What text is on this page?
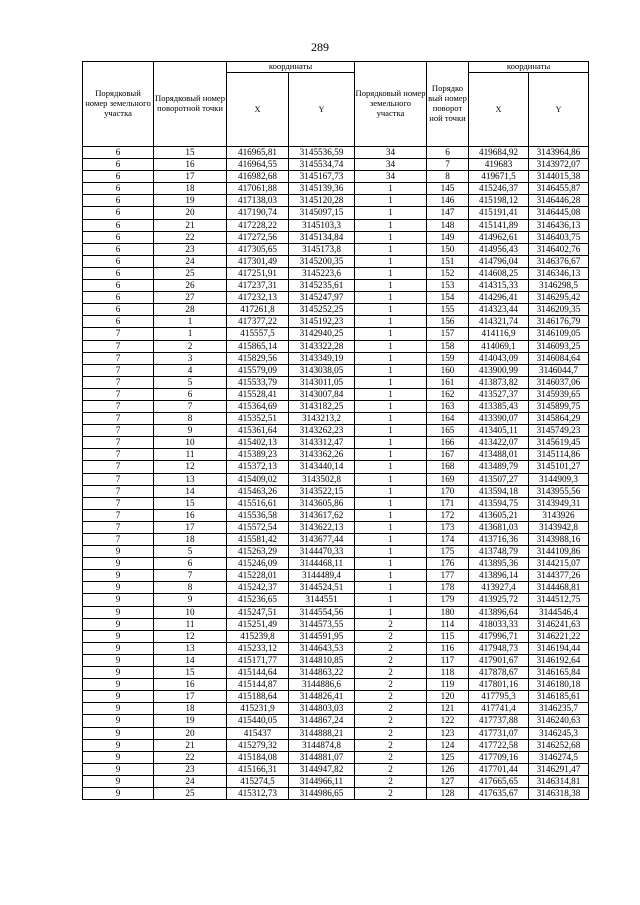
289
Порядковый номер земельного участка	Порядковый номер поворотной точки	координаты		Порядковый номер земельного участка	Порядко вый номер поворот ной точки	координаты	
		X	Y			X	Y
6	15	416965,81	3145536,59	34	6	419684,92	3143964,86
6	16	416964,55	3145534,74	34	7	419683	3143972,07
6	17	416982,68	3145167,73	34	8	419671,5	3144015,38
6	18	417061,88	3145139,36	1	145	415246,37	3146455,87
6	19	417138,03	3145120,28	1	146	415198,12	3146446,28
6	20	417190,74	3145097,15	1	147	415191,41	3146445,08
6	21	417228,22	3145103,3	1	148	415141,89	3146436,13
6	22	417272,56	3145134,84	1	149	414962,61	3146403,75
6	23	417305,65	3145173,8	1	150	414956,43	3146402,76
6	24	417301,49	3145200,35	1	151	414796,04	3146376,67
6	25	417251,91	3145223,6	1	152	414608,25	3146346,13
6	26	417237,31	3145235,61	1	153	414315,33	3146298,5
6	27	417232,13	3145247,97	1	154	414296,41	3146295,42
6	28	417261,8	3145252,25	1	155	414323,44	3146209,35
6	1	417377,22	3145192,23	1	156	414321,74	3146176,79
7	1	415557,5	3142940,25	1	157	414116,9	3146109,05
7	2	415865,14	3143322,28	1	158	414069,1	3146093,25
7	3	415829,56	3143349,19	1	159	414043,09	3146084,64
7	4	415579,09	3143038,05	1	160	413900,99	3146044,7
7	5	415533,79	3143011,05	1	161	413873,82	3146037,06
7	6	415528,41	3143007,84	1	162	413527,37	3145939,65
7	7	415364,69	3143182,25	1	163	413385,43	3145899,75
7	8	415352,51	3143213,2	1	164	413390,07	3145864,29
7	9	415361,64	3143262,23	1	165	413405,11	3145749,23
7	10	415402,13	3143312,47	1	166	413422,07	3145619,45
7	11	415389,23	3143362,26	1	167	413488,01	3145114,86
7	12	415372,13	3143440,14	1	168	413489,79	3145101,27
7	13	415409,02	3143502,8	1	169	413507,27	3144909,3
7	14	415463,26	3143522,15	1	170	413594,18	3143955,56
7	15	415516,61	3143605,86	1	171	413594,75	3143949,31
7	16	415536,58	3143617,62	1	172	413605,21	3143926
7	17	415572,54	3143622,13	1	173	413681,03	3143942,8
7	18	415581,42	3143677,44	1	174	413716,36	3143988,16
9	5	415263,29	3144470,33	1	175	413748,79	3144109,86
9	6	415246,09	3144468,11	1	176	413895,36	3144215,07
9	7	415228,01	3144489,4	1	177	413896,14	3144377,26
9	8	415242,37	3144524,51	1	178	413927,4	3144468,81
9	9	415236,65	3144551	1	179	413925,72	3144512,75
9	10	415247,51	3144554,56	1	180	413896,64	3144546,4
9	11	415251,49	3144573,55	2	114	418033,33	3146241,63
9	12	415239,8	3144591,95	2	115	417996,71	3146221,22
9	13	415233,12	3144643,53	2	116	417948,73	3146194,44
9	14	415171,77	3144810,85	2	117	417901,67	3146192,64
9	15	415144,64	3144863,22	2	118	417878,67	3146165,84
9	16	415144,87	3144886,6	2	119	417801,16	3146180,18
9	17	415188,64	3144826,41	2	120	417795,3	3146185,61
9	18	415231,9	3144803,03	2	121	417741,4	3146235,7
9	19	415440,05	3144867,24	2	122	417737,88	3146240,63
9	20	415437	3144888,21	2	123	417731,07	3146245,3
9	21	415279,32	3144874,8	2	124	417722,58	3146252,68
9	22	415184,08	3144881,07	2	125	417709,16	3146274,5
9	23	415166,31	3144947,82	2	126	417701,44	3146291,47
9	24	415274,5	3144966,11	2	127	417665,65	3146314,81
9	25	415312,73	3144986,65	2	128	417635,67	3146318,38
